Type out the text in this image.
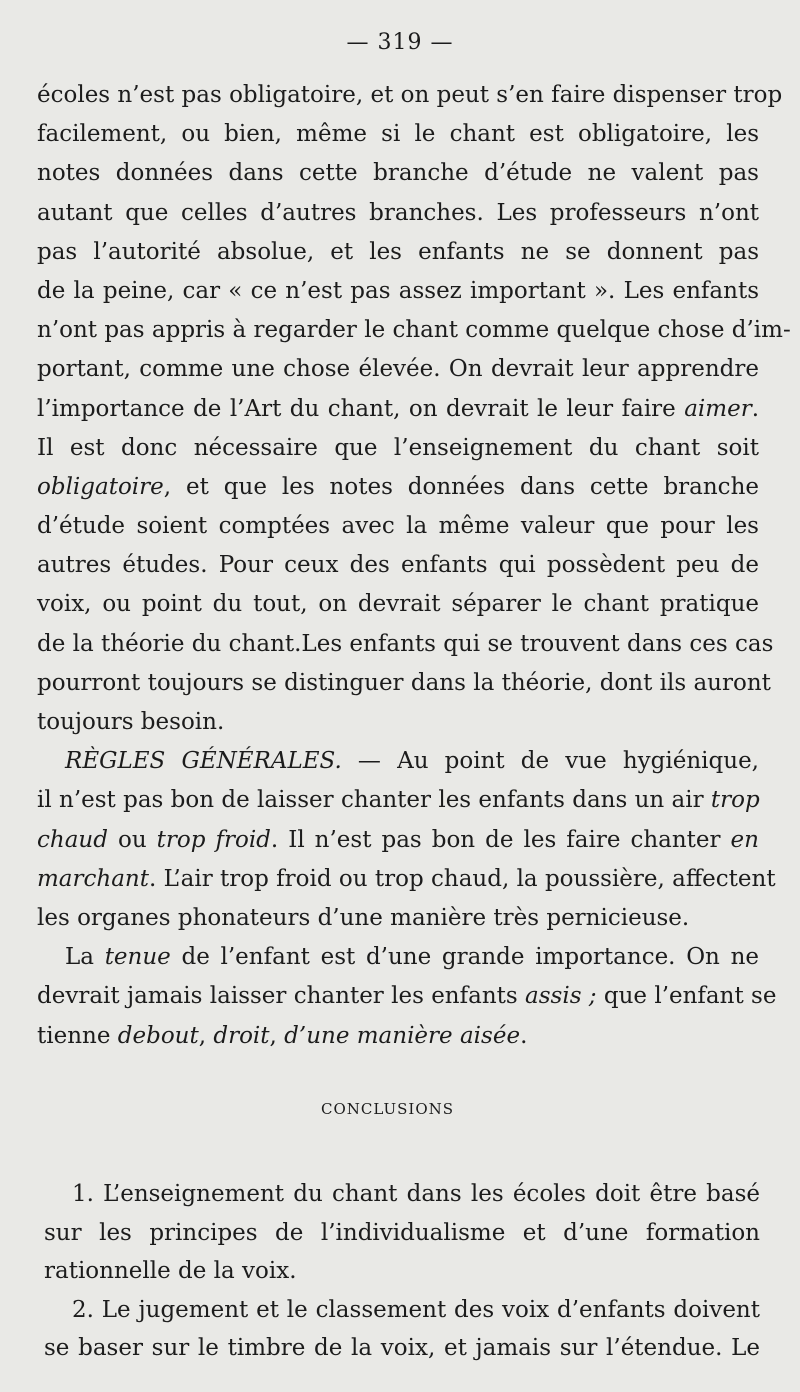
— 319 —
écoles n’est pas obligatoire, et on peut s’en faire dispenser trop
facilement, ou bien, même si le chant est obligatoire, les
notes données dans cette branche d’étude ne valent pas
autant que celles d’autres branches. Les professeurs n’ont
pas l’autorité absolue, et les enfants ne se donnent pas
de la peine, car « ce n’est pas assez important ». Les enfants
n’ont pas appris à regarder le chant comme quelque chose d’im-
portant, comme une chose élevée. On devrait leur apprendre
l’importance de l’Art du chant, on devrait le leur faire aimer.
Il est donc nécessaire que l’enseignement du chant soit
obligatoire, et que les notes données dans cette branche
d’étude soient comptées avec la même valeur que pour les
autres études. Pour ceux des enfants qui possèdent peu de
voix, ou point du tout, on devrait séparer le chant pratique
de la théorie du chant.Les enfants qui se trouvent dans ces cas
pourront toujours se distinguer dans la théorie, dont ils auront
toujours besoin.
RÈGLES GÉNÉRALES. — Au point de vue hygiénique,
il n’est pas bon de laisser chanter les enfants dans un air trop
chaud ou trop froid. Il n’est pas bon de les faire chanter en
marchant. L’air trop froid ou trop chaud, la poussière, affectent
les organes phonateurs d’une manière très pernicieuse.
La tenue de l’enfant est d’une grande importance. On ne
devrait jamais laisser chanter les enfants assis ; que l’enfant se
tienne debout, droit, d’une manière aisée.
CONCLUSIONS
1. L’enseignement du chant dans les écoles doit être basé
sur les principes de l’individualisme et d’une formation
rationnelle de la voix.
2. Le jugement et le classement des voix d’enfants doivent
se baser sur le timbre de la voix, et jamais sur l’étendue. Le
